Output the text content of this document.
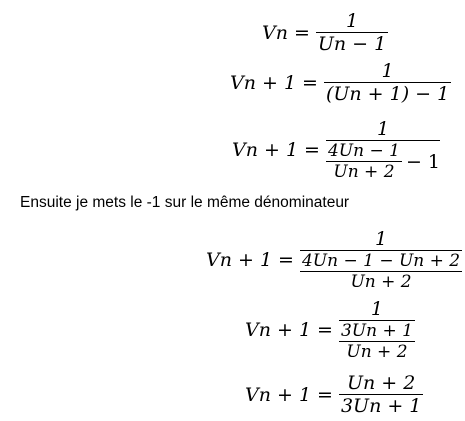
$Vn = \frac{1}{Un - 1}$
$Vn + 1 = \frac{1}{(Un + 1) - 1}$
$Vn + 1 = \frac{1}{\frac{4Un - 1}{Un + 2} - 1}$
Ensuite je mets le -1 sur le même dénominateur
$Vn + 1 = \frac{1}{\frac{4Un - 1 - Un + 2}{Un + 2}}$
$Vn + 1 = \frac{1}{\frac{3Un + 1}{Un + 2}}$
$Vn + 1 = \frac{Un + 2}{3Un + 1}$
